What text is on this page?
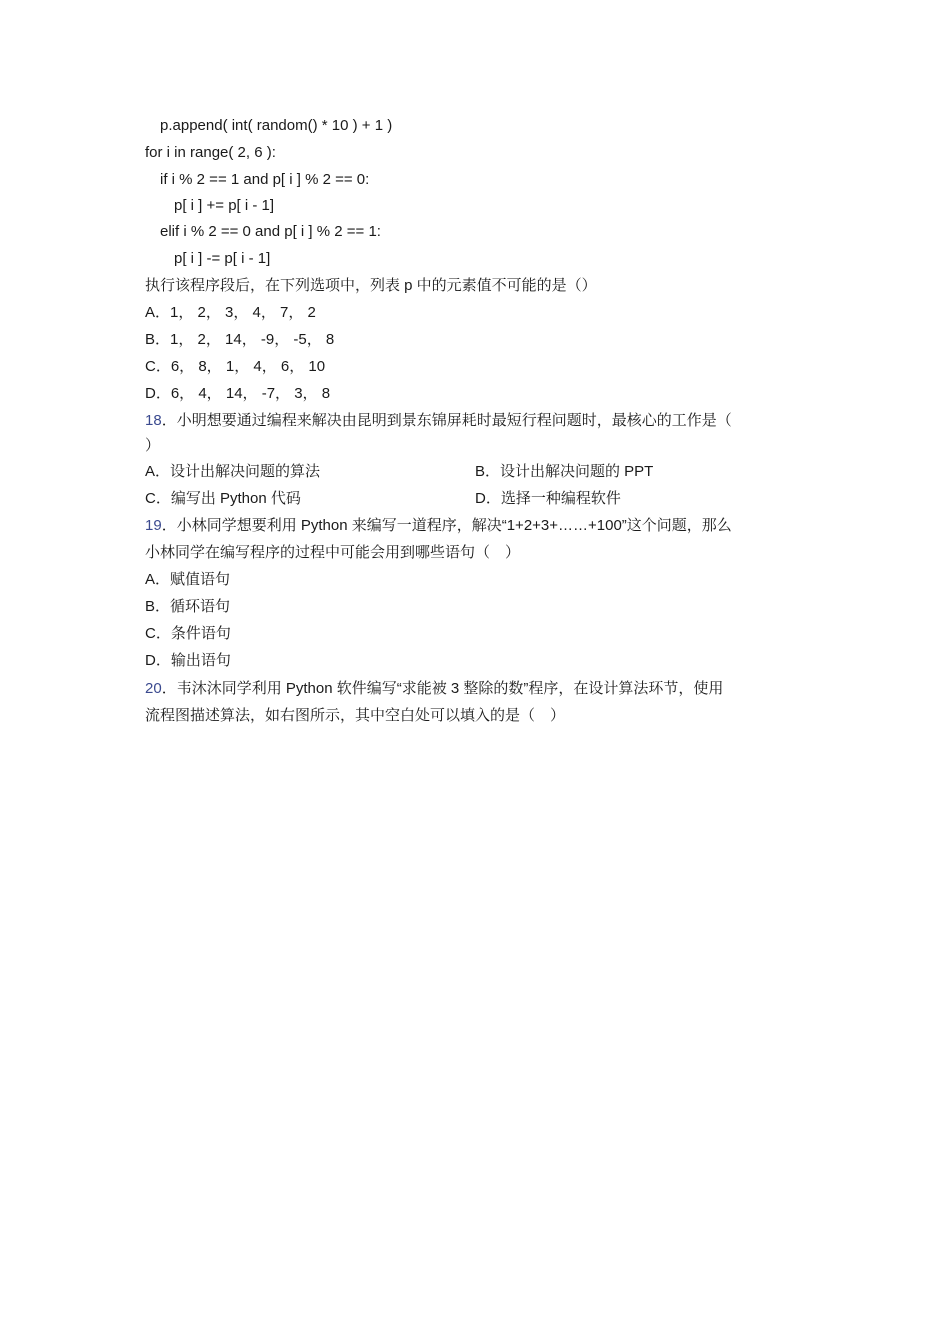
p.append( int( random() * 10 ) + 1 )
for i in range( 2, 6 ):
if i % 2 == 1 and p[ i ] % 2 == 0:
p[ i ] += p[ i - 1]
elif i % 2 == 0 and p[ i ] % 2 == 1:
p[ i ] -= p[ i - 1]
执行该程序段后，在下列选项中，列表 p 中的元素值不可能的是（）
A．1， 2， 3， 4， 7， 2
B．1， 2， 14， -9， -5， 8
C．6， 8， 1， 4， 6， 10
D．6， 4， 14， -7， 3， 8
18．小明想要通过编程来解决由昆明到景东锦屏耗时最短行程问题时，最核心的工作是（
）
A．设计出解决问题的算法	B．设计出解决问题的 PPT
C．编写出 Python 代码	D．选择一种编程软件
19．小林同学想要利用 Python 来编写一道程序，解决“1+2+3+……+100”这个问题，那么
小林同学在编写程序的过程中可能会用到哪些语句（　）
A．赋值语句
B．循环语句
C．条件语句
D．输出语句
20．韦沐沐同学利用 Python 软件编写“求能被 3 整除的数”程序，在设计算法环节，使用
流程图描述算法，如右图所示，其中空白处可以填入的是（　）
